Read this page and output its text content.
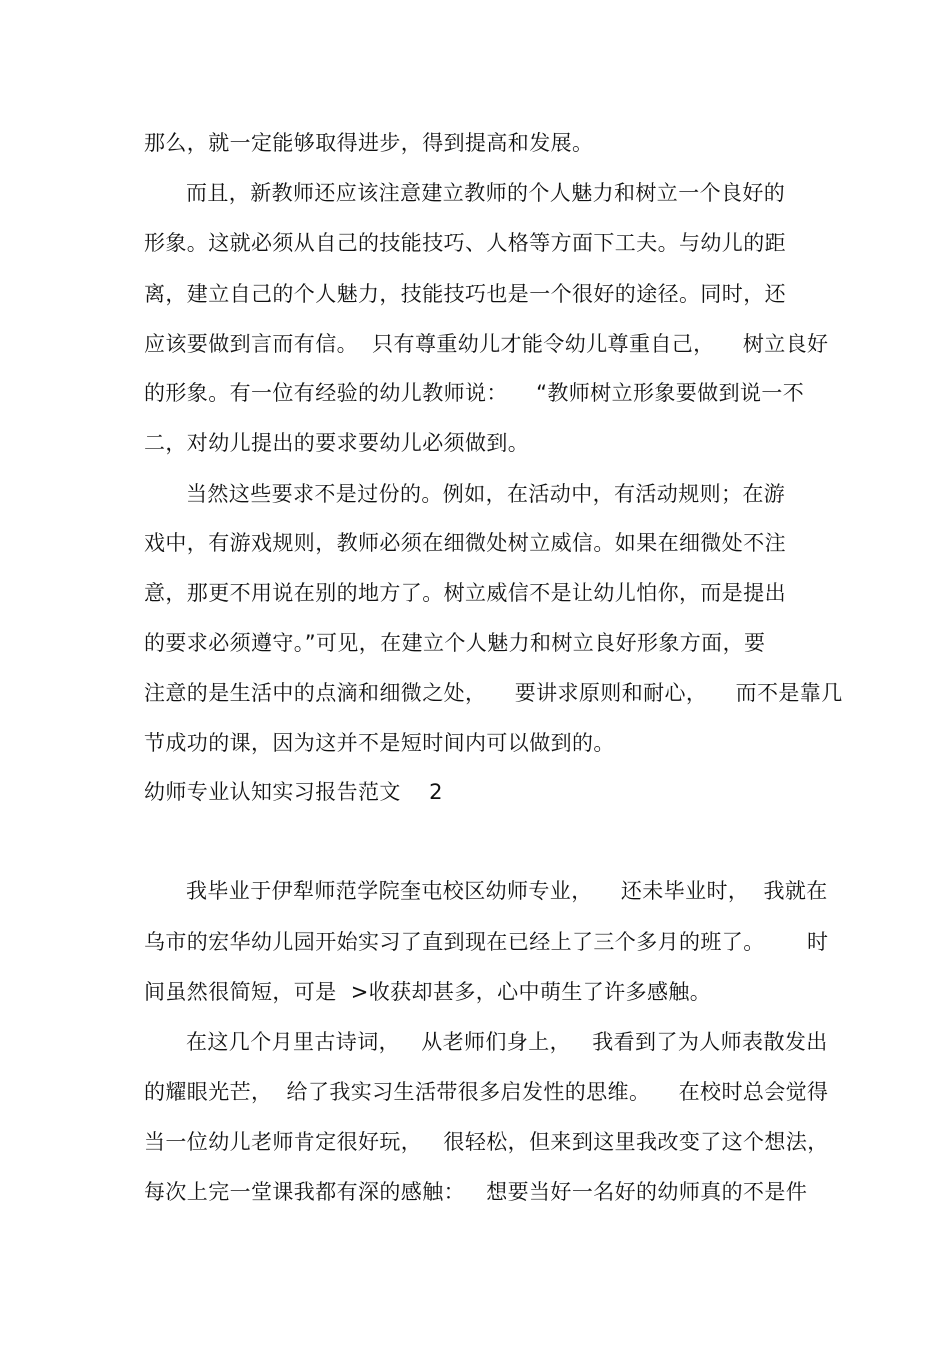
那么，就一定能够取得进步，得到提高和发展。
而且，新教师还应该注意建立教师的个人魅力和树立一个良好的
形象。这就必须从自己的技能技巧、人格等方面下工夫。与幼儿的距
离，建立自己的个人魅力，技能技巧也是一个很好的途径。同时，还
应该要做到言而有信。  只有尊重幼儿才能令幼儿尊重自己，    树立良好
的形象。有一位有经验的幼儿教师说：    “教师树立形象要做到说一不
二，对幼儿提出的要求要幼儿必须做到。
当然这些要求不是过份的。例如，在活动中，有活动规则；在游
戏中，有游戏规则，教师必须在细微处树立威信。如果在细微处不注
意，那更不用说在别的地方了。树立威信不是让幼儿怕你，而是提出
的要求必须遵守。”可见，在建立个人魅力和树立良好形象方面，要
注意的是生活中的点滴和细微之处，    要讲求原则和耐心，    而不是靠几
节成功的课，因为这并不是短时间内可以做到的。
幼师专业认知实习报告范文    2
我毕业于伊犁师范学院奎屯校区幼师专业，    还未毕业时，  我就在
乌市的宏华幼儿园开始实习了直到现在已经上了三个多月的班了。      时
间虽然很简短，可是  >收获却甚多，心中萌生了许多感触。
在这几个月里古诗词，   从老师们身上，   我看到了为人师表散发出
的耀眼光芒，  给了我实习生活带很多启发性的思维。    在校时总会觉得
当一位幼儿老师肯定很好玩，   很轻松，但来到这里我改变了这个想法，
每次上完一堂课我都有深的感触：   想要当好一名好的幼师真的不是件
